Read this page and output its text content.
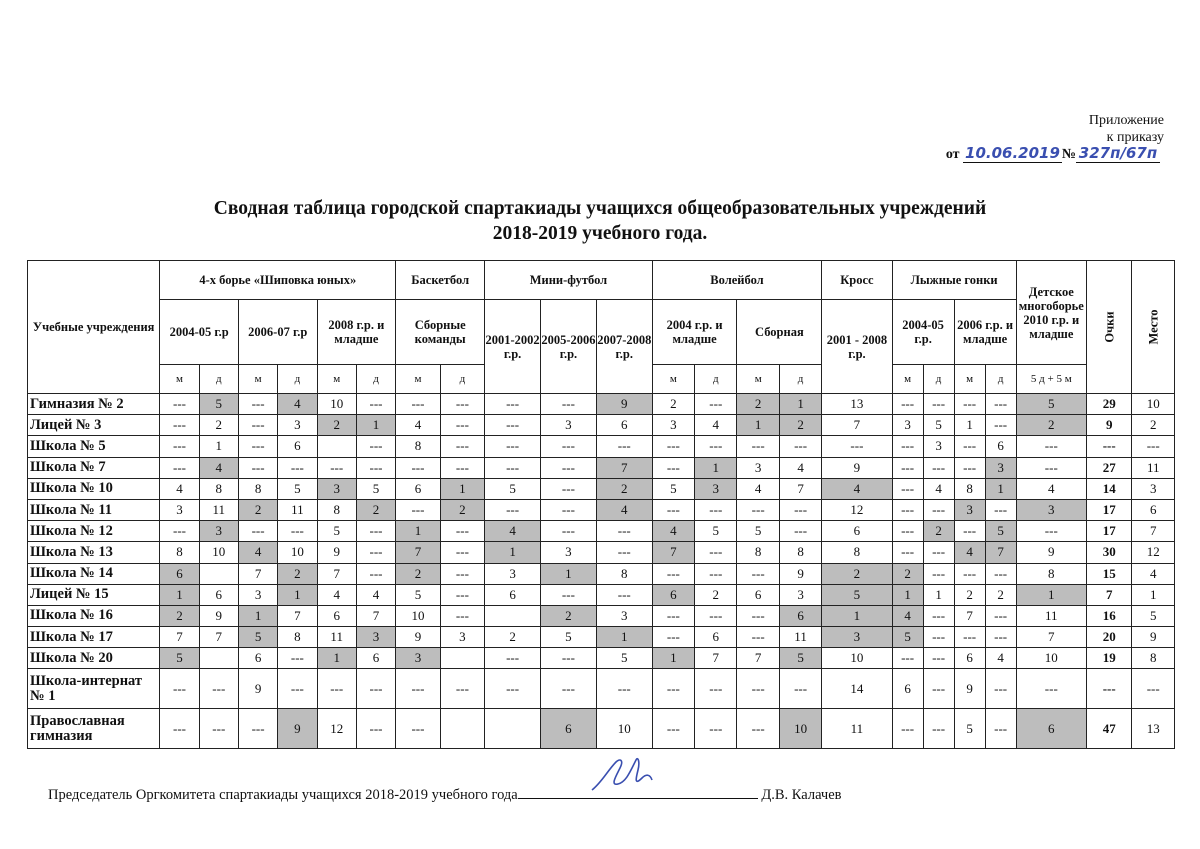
Приложение
к приказу
от 10.06.2019 № 327п/67п
Сводная таблица городской спартакиады учащихся общеобразовательных учреждений
2018-2019 учебного года.
Учебные учреждения	4-х борье «Шиповка юных»						Баскетбол		Мини-футбол			Волейбол				Кросс	Лыжные гонки				Детское многоборье 2010 г.р. и младше	Очки	Место
	2004-05 г.р		2006-07 г.р		2008 г.р. и младше		Сборные команды		2001-2002 г.р.	2005-2006 г.р.	2007-2008 г.р.	2004 г.р. и младше		Сборная		2001 - 2008 г.р.	2004-05 г.р.		2006 г.р. и младше				
	м	д	м	д	м	д	м	д				м	д	м	д		м	д	м	д	5 д + 5 м		
Гимназия № 2	---	5	---	4	10	---	---	---	---	---	9	2	---	2	1	13	---	---	---	---	5	29	10
Лицей № 3	---	2	---	3	2	1	4	---	---	3	6	3	4	1	2	7	3	5	1	---	2	9	2
Школа № 5	---	1	---	6		---	8	---	---	---	---	---	---	---	---	---	---	3	---	6	---	---	---
Школа № 7	---	4	---	---	---	---	---	---	---	---	7	---	1	3	4	9	---	---	---	3	---	27	11
Школа № 10	4	8	8	5	3	5	6	1	5	---	2	5	3	4	7	4	---	4	8	1	4	14	3
Школа № 11	3	11	2	11	8	2	---	2	---	---	4	---	---	---	---	12	---	---	3	---	3	17	6
Школа № 12	---	3	---	---	5	---	1	---	4	---	---	4	5	5	---	6	---	2	---	5	---	17	7
Школа № 13	8	10	4	10	9	---	7	---	1	3	---	7	---	8	8	8	---	---	4	7	9	30	12
Школа № 14	6		7	2	7	---	2	---	3	1	8	---	---	---	9	2	2	---	---	---	8	15	4
Лицей № 15	1	6	3	1	4	4	5	---	6	---	---	6	2	6	3	5	1	1	2	2	1	7	1
Школа № 16	2	9	1	7	6	7	10	---		2	3	---	---	---	6	1	4	---	7	---	11	16	5
Школа № 17	7	7	5	8	11	3	9	3	2	5	1	---	6	---	11	3	5	---	---	---	7	20	9
Школа № 20	5		6	---	1	6	3		---	---	5	1	7	7	5	10	---	---	6	4	10	19	8
Школа-интернат № 1	---	---	9	---	---	---	---	---	---	---	---	---	---	---	---	14	6	---	9	---	---	---	---
Православная гимназия	---	---	---	9	12	---	---			6	10	---	---	---	10	11	---	---	5	---	6	47	13
Председатель Оргкомитета спартакиады учащихся 2018-2019 учебного года	Д.В. Калачев
